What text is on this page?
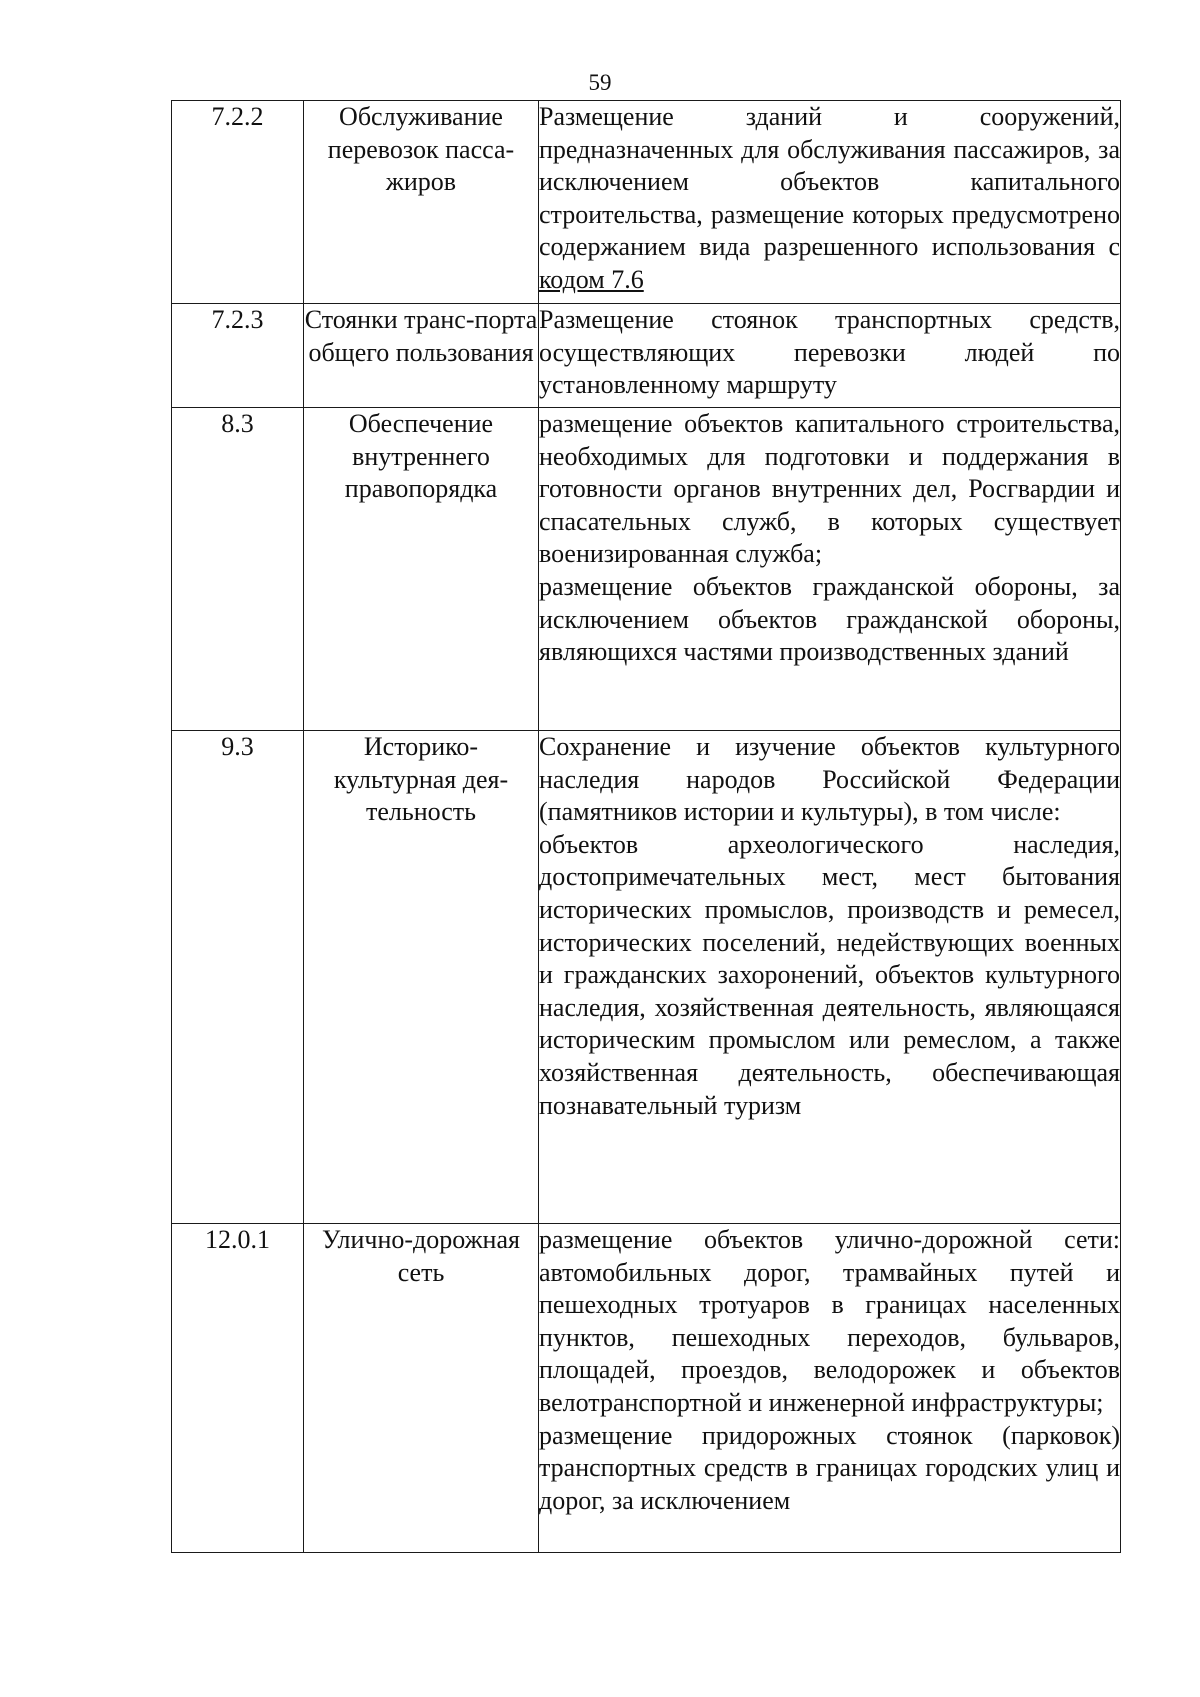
59
7.2.2	Обслуживание перевозок пасса-жиров	Размещение зданий и сооружений, предназначенных для обслуживания пассажиров, за исключением объектов капитального строительства, размещение которых предусмотрено содержанием вида разрешенного использования с кодом 7.6
7.2.3	Стоянки транс-порта общего пользования	Размещение стоянок транспортных средств, осуществляющих перевозки людей по установленному маршруту

8.3	Обеспечение внутреннего правопорядка	размещение объектов капитального строительства, необходимых для подготовки и поддержания в готовности органов внутренних дел, Росгвардии и спасательных служб, в которых существует военизированная служба;
размещение объектов гражданской обороны, за исключением объектов гражданской обороны, являющихся частями производственных зданий

9.3	Историко-культурная дея-тельность	Сохранение и изучение объектов культурного наследия народов Российской Федерации (памятников истории и культуры), в том числе:
объектов археологического наследия, достопримечательных мест, мест бытования исторических промыслов, производств и ремесел, исторических поселений, недействующих военных и гражданских захоронений, объектов культурного наследия, хозяйственная деятельность, являющаяся историческим промыслом или ремеслом, а также хозяйственная деятельность, обеспечивающая познавательный туризм

12.0.1	Улично-дорожная сеть	размещение объектов улично-дорожной сети: автомобильных дорог, трамвайных путей и пешеходных тротуаров в границах населенных пунктов, пешеходных переходов, бульваров, площадей, проездов, велодорожек и объектов велотранспортной и инженерной инфраструктуры;
размещение придорожных стоянок (парковок) транспортных средств в границах городских улиц и дорог, за исключением
